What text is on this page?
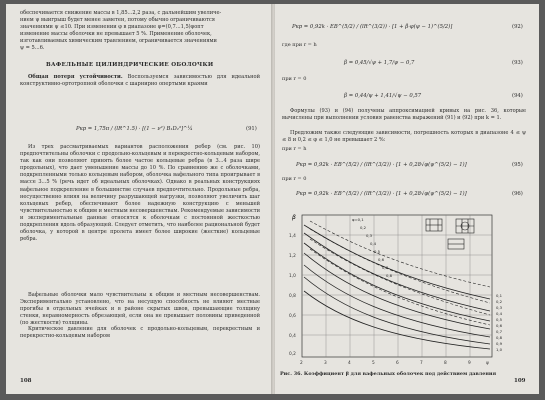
обеспечивается снижение массы в 1,85...2,2 раза, с дальнейшим увеличе-
нием ψ выигрыш будет менее заметен, потому обычно ограничиваются
значениями ψ ≤10. При изменении φ в диапазоне φ=(0,7...1,5)φопт
изменение массы оболочки не превышает 5 %. Применение оболочек,
изготавливаемых химическим травлением, ограничивается значениями
ψ = 5...6.
ВАФЕЛЬНЫЕ ЦИЛИНДРИЧЕСКИЕ ОБОЛОЧКИ

Общая потеря устойчивости. Воспользуемся зависимостью для идеальной конструктивно-ортотропной оболочки с шарнирно опертыми краями

Pкр = 1,75π / (lR^1.5) · [(1 − ν²) B₁D₂³]^¼	(91)

Из трех рассматриваемых вариантов расположения ребер (см. рис. 10) предпочтительны оболочки с продольно-кольцевым и перекрестно-кольцевым набором, так как они позволяют принять более частое кольцевые ребра (в 3...4 раза шире продольных), что дает уменьшение массы до 10 %. По сравнению же с оболочками, подкрепленными только кольцевым набором, оболочка вафельного типа проигрывает в массе 3...5 % (речь идет об идеальных оболочках). Однако в реальных конструкциях вафельное подкрепление в большинстве случаев предпочтительно. Продольные ребра, несущественно влияя на величину разрушающей нагрузки, позволяют увеличить шаг кольцевых ребер, обеспечивают более надежную конструкцию с меньшей чувствительностью к общим и местным несовершенствам. Рекомендуемые зависимости и экспериментальные данные относятся к оболочкам с постоянной жесткостью подкрепления вдоль образующей. Следует отметить, что наиболее рациональной будет оболочка, у которой в центре пролета имеет более широкие (жесткие) кольцевые ребра.

Вафельные оболочки мало чувствительны к общим и местным несовершенствам. Экспериментально установлено, что на несущую способность не влияют местные прогибы в отдельных ячейках и в районе скрытых швов, превышающие толщину стенки, неравномерность обрезающей, если она не превышает половины приведенной (по жесткости) толщины.

Критическое давление для оболочек с продольно-кольцевым, перекрестным и перекрестно-кольцевым набором

108
Pкр = 0,92k · EB^(5/2) / (lR^(3/2)) · [1 + β·φ(ψ − 1)^(5/2)]	(92)
где при r = h
β = 0,45/√ψ + 1,7/ψ − 0,7	(93)
при r = 0
β = 0,44/ψ + 1,41/√ψ − 0,57	(94)

Формулы (93) и (94) получены аппроксимацией кривых на рис. 36, которые вычислены при выполнении условия равенства выражений (91) и (92) при k = 1.

Предложим также следующие зависимости, погрешность которых в диапазоне 4 ≤ ψ ≤ 8 и 0,2 ≤ φ ≤ 1,0 не превышает 2 %:

при r = h
Pкр = 0,92k · EB^(5/2) / (lR^(3/2)) · [1 + 0,28√φ(ψ^(5/2) − 1)]	(95)
при r = 0
Pкр = 0,92k · EB^(5/2) / (lR^(3/2)) · [1 + 0,28√φ(ψ^(5/2) − 1)]	(96)
β
1,4
1,2
1,0
0,8
0,6
0,4
0,2
2	3	4	5	6	7	8	9	ψ
φ=0,1
0,2
0,3
0,4
0,5
0,6
0,7
0,8
0,1
0,2
0,3
0,4
0,5
0,6
0,7
0,8
0,9
1,0
Рис. 36. Коэффициент β для вафельных оболочек под действием давления
109
